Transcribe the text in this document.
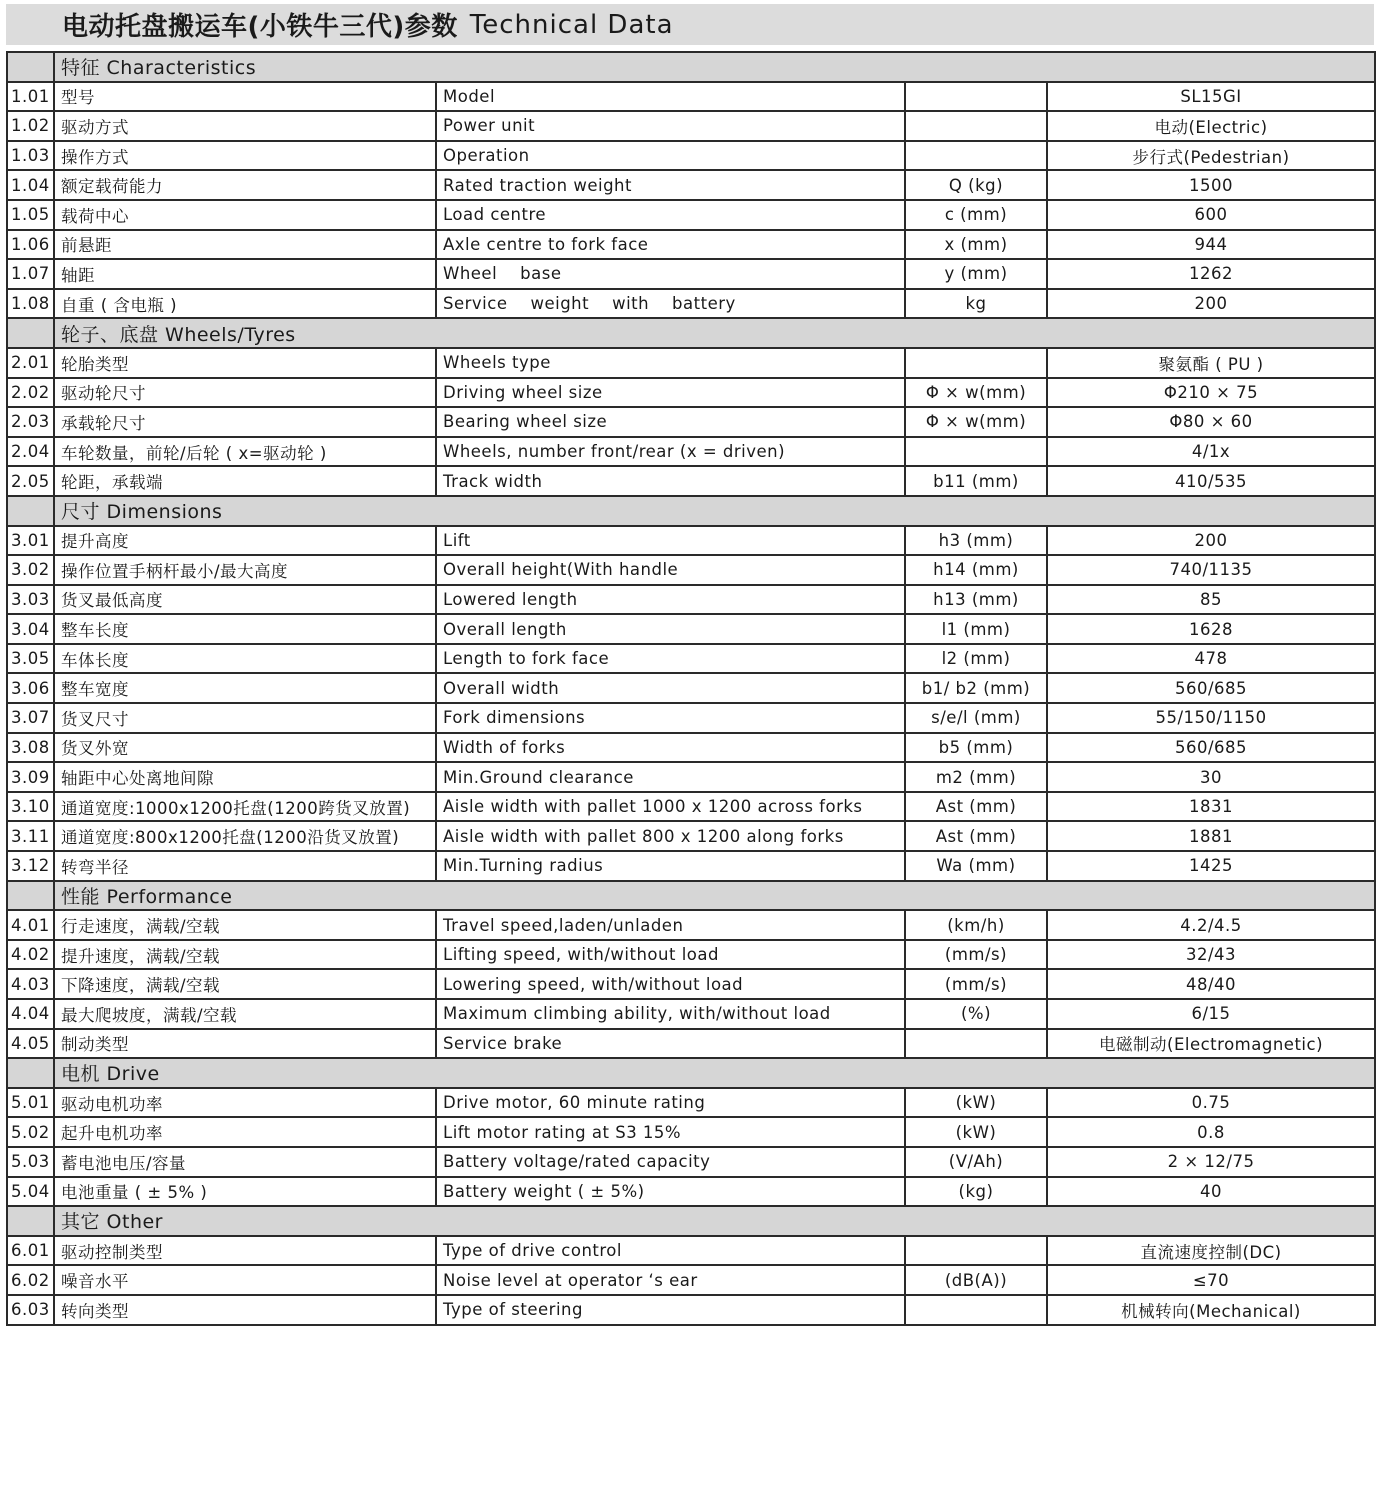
电动托盘搬运车(小铁牛三代)参数 Technical Data
	特征 Characteristics			
1.01	型号	Model		SL15GI
1.02	驱动方式	Power unit		电动(Electric)
1.03	操作方式	Operation		步行式(Pedestrian)
1.04	额定载荷能力	Rated traction weight	Q (kg)	1500
1.05	载荷中心	Load centre	c (mm)	600
1.06	前悬距	Axle centre to fork face	x (mm)	944
1.07	轴距	Wheel    base	y (mm)	1262
1.08	自重 ( 含电瓶 )	Service    weight    with    battery	kg	200
	轮子、底盘 Wheels/Tyres			
2.01	轮胎类型	Wheels type		聚氨酯 ( PU )
2.02	驱动轮尺寸	Driving wheel size	Φ × w(mm)	Φ210 × 75
2.03	承载轮尺寸	Bearing wheel size	Φ × w(mm)	Φ80 × 60
2.04	车轮数量，前轮/后轮 ( x=驱动轮 )	Wheels, number front/rear (x = driven)		4/1x
2.05	轮距，承载端	Track width	b11 (mm)	410/535
	尺寸 Dimensions			
3.01	提升高度	Lift	h3 (mm)	200
3.02	操作位置手柄杆最小/最大高度	Overall height(With handle	h14 (mm)	740/1135
3.03	货叉最低高度	Lowered length	h13 (mm)	85
3.04	整车长度	Overall length	l1 (mm)	1628
3.05	车体长度	Length to fork face	l2 (mm)	478
3.06	整车宽度	Overall width	b1/ b2 (mm)	560/685
3.07	货叉尺寸	Fork dimensions	s/e/l (mm)	55/150/1150
3.08	货叉外宽	Width of forks	b5 (mm)	560/685
3.09	轴距中心处离地间隙	Min.Ground clearance	m2 (mm)	30
3.10	通道宽度:1000x1200托盘(1200跨货叉放置)	Aisle width with pallet 1000 x 1200 across forks	Ast (mm)	1831
3.11	通道宽度:800x1200托盘(1200沿货叉放置)	Aisle width with pallet 800 x 1200 along forks	Ast (mm)	1881
3.12	转弯半径	Min.Turning radius	Wa (mm)	1425
	性能 Performance			
4.01	行走速度，满载/空载	Travel speed,laden/unladen	(km/h)	4.2/4.5
4.02	提升速度，满载/空载	Lifting speed, with/without load	(mm/s)	32/43
4.03	下降速度，满载/空载	Lowering speed, with/without load	(mm/s)	48/40
4.04	最大爬坡度，满载/空载	Maximum climbing ability, with/without load	(%)	6/15
4.05	制动类型	Service brake		电磁制动(Electromagnetic)
	电机 Drive			
5.01	驱动电机功率	Drive motor, 60 minute rating	(kW)	0.75
5.02	起升电机功率	Lift motor rating at S3 15%	(kW)	0.8
5.03	蓄电池电压/容量	Battery voltage/rated capacity	(V/Ah)	2 × 12/75
5.04	电池重量 ( ± 5% )	Battery weight ( ± 5%)	(kg)	40
	其它 Other			
6.01	驱动控制类型	Type of drive control		直流速度控制(DC)
6.02	噪音水平	Noise level at operator ‘s ear	(dB(A))	≤70
6.03	转向类型	Type of steering		机械转向(Mechanical)
